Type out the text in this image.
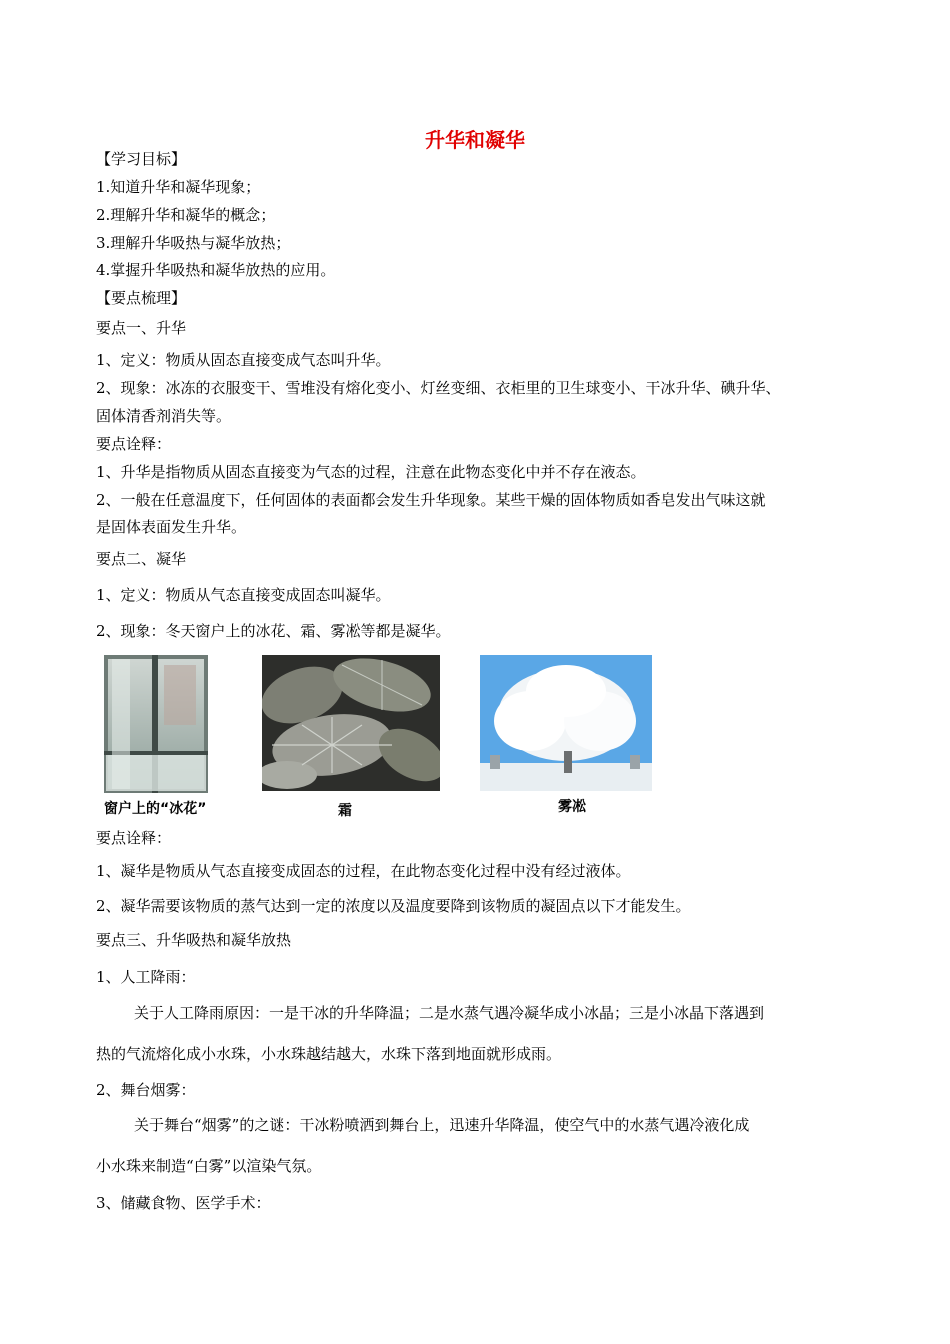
升华和凝华
【学习目标】
1.知道升华和凝华现象；
2.理解升华和凝华的概念；
3.理解升华吸热与凝华放热；
4.掌握升华吸热和凝华放热的应用。
【要点梳理】
要点一、升华
1、定义：物质从固态直接变成气态叫升华。
2、现象：冰冻的衣服变干、雪堆没有熔化变小、灯丝变细、衣柜里的卫生球变小、干冰升华、碘升华、
固体清香剂消失等。
要点诠释：
1、升华是指物质从固态直接变为气态的过程，注意在此物态变化中并不存在液态。
2、一般在任意温度下，任何固体的表面都会发生升华现象。某些干燥的固体物质如香皂发出气味这就
是固体表面发生升华。
要点二、凝华
1、定义：物质从气态直接变成固态叫凝华。
2、现象：冬天窗户上的冰花、霜、雾凇等都是凝华。
窗户上的“冰花”	霜	雾凇
要点诠释：
1、凝华是物质从气态直接变成固态的过程，在此物态变化过程中没有经过液体。
2、凝华需要该物质的蒸气达到一定的浓度以及温度要降到该物质的凝固点以下才能发生。
要点三、升华吸热和凝华放热
1、人工降雨：
关于人工降雨原因：一是干冰的升华降温；二是水蒸气遇冷凝华成小冰晶；三是小冰晶下落遇到
热的气流熔化成小水珠，小水珠越结越大，水珠下落到地面就形成雨。
2、舞台烟雾：
关于舞台“烟雾”的之谜：干冰粉喷洒到舞台上，迅速升华降温，使空气中的水蒸气遇冷液化成
小水珠来制造“白雾”以渲染气氛。
3、储藏食物、医学手术：
